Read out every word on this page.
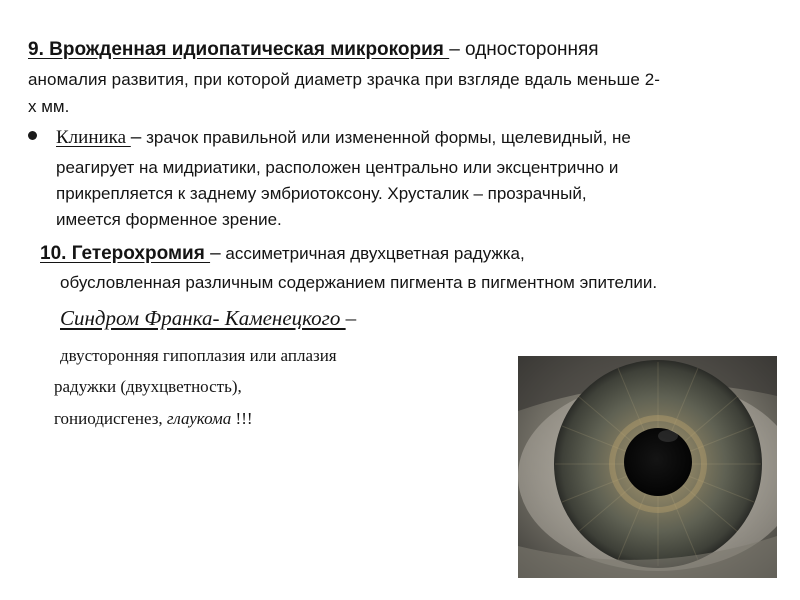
9. Врожденная идиопатическая микрокория – односторонняя
аномалия развития, при которой диаметр зрачка при взгляде вдаль меньше 2-
х мм.
Клиника – зрачок правильной или измененной формы, щелевидный, не
реагирует на мидриатики, расположен центрально или эксцентрично и
прикрепляется к заднему эмбриотоксону. Хрусталик – прозрачный,
имеется форменное зрение.
10. Гетерохромия – ассиметричная двухцветная радужка,
обусловленная различным содержанием пигмента в пигментном эпителии.
Синдром Франка- Каменецкого –
двусторонняя гипоплазия или аплазия
радужки (двухцветность),
гониодисгенез, глаукома !!!
